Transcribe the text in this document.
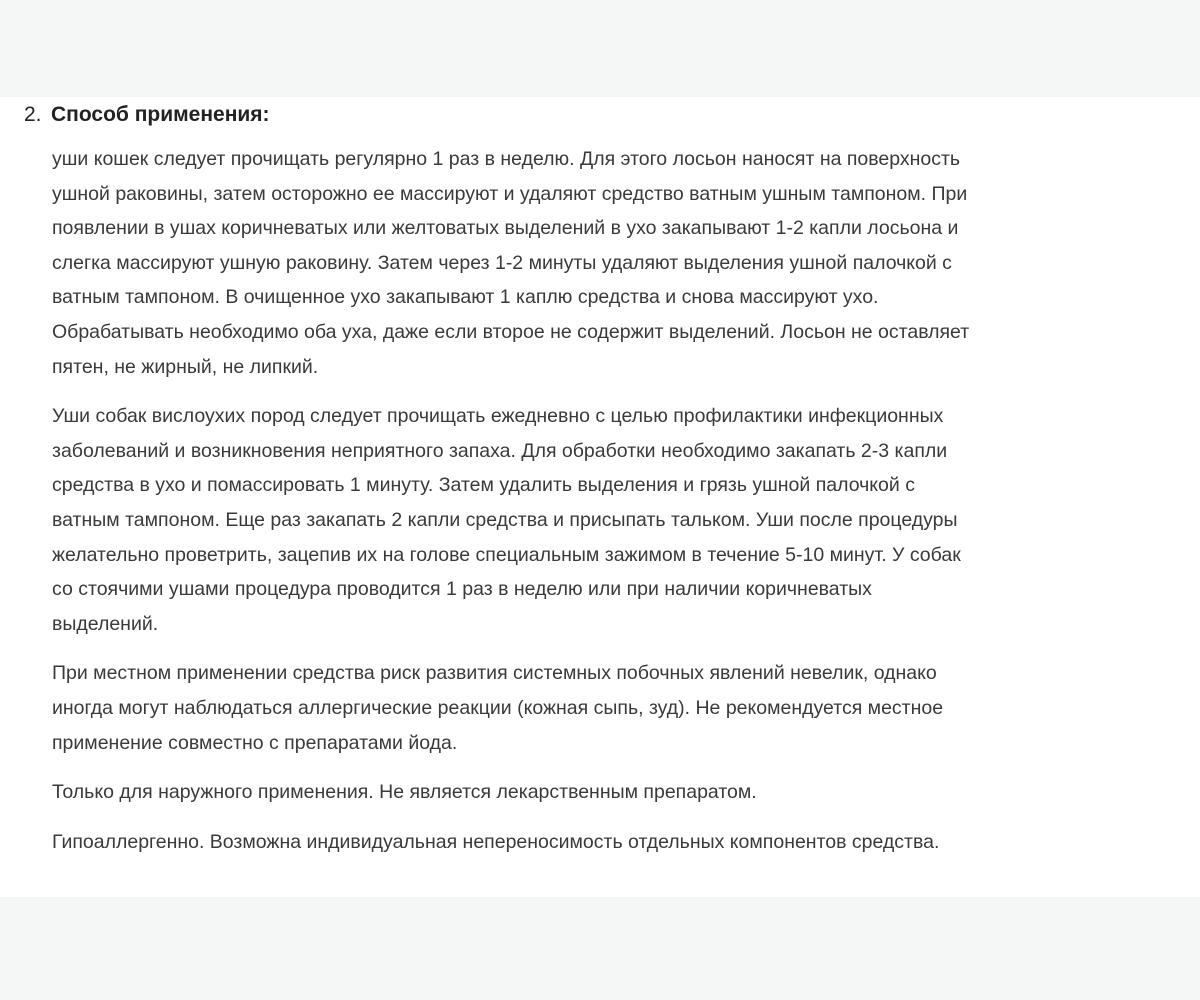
2. Способ применения:
уши кошек следует прочищать регулярно 1 раз в неделю. Для этого лосьон наносят на поверхность
ушной раковины, затем осторожно ее массируют и удаляют средство ватным ушным тампоном. При
появлении в ушах коричневатых или желтоватых выделений в ухо закапывают 1-2 капли лосьона и
слегка массируют ушную раковину. Затем через 1-2 минуты удаляют выделения ушной палочкой с
ватным тампоном. В очищенное ухо закапывают 1 каплю средства и снова массируют ухо.
Обрабатывать необходимо оба уха, даже если второе не содержит выделений. Лосьон не оставляет
пятен, не жирный, не липкий.
Уши собак вислоухих пород следует прочищать ежедневно с целью профилактики инфекционных
заболеваний и возникновения неприятного запаха. Для обработки необходимо закапать 2-3 капли
средства в ухо и помассировать 1 минуту. Затем удалить выделения и грязь ушной палочкой с
ватным тампоном. Еще раз закапать 2 капли средства и присыпать тальком. Уши после процедуры
желательно проветрить, зацепив их на голове специальным зажимом в течение 5-10 минут. У собак
со стоячими ушами процедура проводится 1 раз в неделю или при наличии коричневатых
выделений.
При местном применении средства риск развития системных побочных явлений невелик, однако
иногда могут наблюдаться аллергические реакции (кожная сыпь, зуд). Не рекомендуется местное
применение совместно с препаратами йода.
Только для наружного применения. Не является лекарственным препаратом.
Гипоаллергенно. Возможна индивидуальная непереносимость отдельных компонентов средства.
